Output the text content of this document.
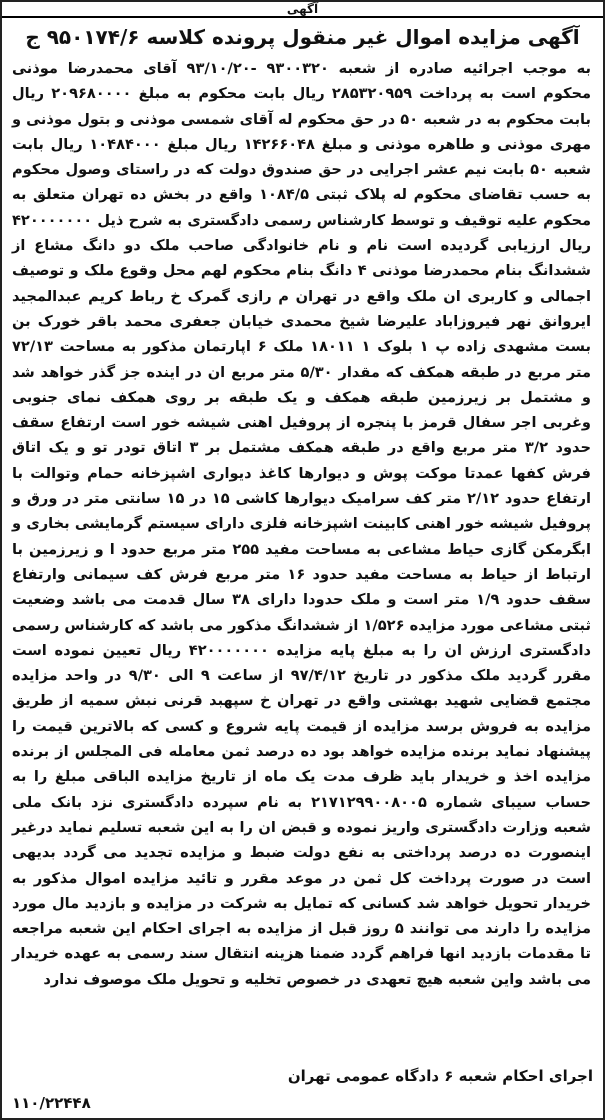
آگهی
آگهی مزایده اموال غیر منقول پرونده کلاسه ۹۵۰۱۷۴/۶ ج

به موجب اجرائیه صادره از شعبه ۹۳۰۰۳۲۰ -۹۳/۱۰/۲۰ آقای محمدرضا موذنی محکوم است به پرداخت ۲۸۵۳۲۰۹۵۹ ریال بابت محکوم به مبلغ ۲۰۹۶۸۰۰۰۰ ریال بابت محکوم به در شعبه ۵۰ در حق محکوم له آقای شمسی موذنی و بتول موذنی و مهری موذنی و طاهره موذنی و مبلغ ۱۴۲۶۶۰۴۸ ریال مبلغ ۱۰۴۸۴۰۰۰ ریال بابت شعبه ۵۰ بابت نیم عشر اجرایی در حق صندوق دولت که در راستای وصول محکوم به حسب تقاضای محکوم له پلاک ثبتی ۱۰۸۴/۵ واقع در بخش ده تهران متعلق به محکوم علیه توقیف و توسط کارشناس رسمی دادگستری به شرح ذیل ۴۲۰۰۰۰۰۰۰ ریال ارزیابی گردیده است نام و نام خانوادگی صاحب ملک دو دانگ مشاع از ششدانگ بنام محمدرضا موذنی ۴ دانگ بنام محکوم لهم محل وقوع ملک و توصیف اجمالی و کاربری ان ملک واقع در تهران م رازی گمرک خ رباط کریم عبدالمجید ایروانق نهر فیروزاباد علیرضا شیخ محمدی خیابان جعفری محمد باقر خورک بن بست مشهدی زاده پ ۱ بلوک ۱ ۱۸۰۱۱ ملک ۶ اپارتمان مذکور به مساحت ۷۲/۱۳ متر مربع در طبقه همکف که مقدار ۵/۳۰ متر مربع ان در اینده جز گذر خواهد شد و مشتمل بر زیرزمین طبقه همکف و یک طبقه بر روی همکف نمای جنوبی وغربی اجر سفال قرمز با پنجره از پروفیل اهنی شیشه خور است ارتفاع سقف حدود ۳/۲ متر مربع واقع در طبقه همکف مشتمل بر ۳ اتاق تودر تو و یک اتاق فرش کفها عمدتا موکت پوش و دیوارها کاغذ دیواری اشپزخانه حمام وتوالت با ارتفاع حدود ۲/۱۲ متر کف سرامیک دیوارها کاشی ۱۵ در ۱۵ سانتی متر در ورق و پروفیل شیشه خور اهنی کابینت اشپزخانه فلزی دارای سیستم گرمایشی بخاری و ابگرمکن گازی حیاط مشاعی به مساحت مفید ۲۵۵ متر مربع حدود ا و زیرزمین با ارتباط از حیاط به مساحت مفید حدود ۱۶ متر مربع فرش کف سیمانی وارتفاع سقف حدود ۱/۹ متر است و ملک حدودا دارای ۳۸ سال قدمت می باشد وضعیت ثبتی مشاعی مورد مزایده ۱/۵۲۶ از ششدانگ مذکور می باشد که کارشناس رسمی دادگستری ارزش ان را به مبلغ پایه مزایده ۴۲۰۰۰۰۰۰۰ ریال تعیین نموده است مقرر گردید ملک مذکور در تاریخ ۹۷/۴/۱۲ از ساعت ۹ الی ۹/۳۰ در واحد مزایده مجتمع قضایی شهید بهشتی واقع در تهران خ سپهبد قرنی نبش سمیه از طریق مزایده به فروش برسد مزایده از قیمت پایه شروع و کسی که بالاترین قیمت را پیشنهاد نماید برنده مزایده خواهد بود ده درصد ثمن معامله فی المجلس از برنده مزایده اخذ و خریدار باید ظرف مدت یک ماه از تاریخ مزایده الباقی مبلغ را به حساب سیبای شماره ۲۱۷۱۲۹۹۰۰۸۰۰۵ به نام سپرده دادگستری نزد بانک ملی شعبه وزارت دادگستری واریز نموده و قبض ان را به این شعبه تسلیم نماید درغیر اینصورت ده درصد پرداختی به نفع دولت ضبط و مزایده تجدید می گردد بدیهی است در صورت پرداخت کل ثمن در موعد مقرر و تائید مزایده اموال مذکور به خریدار تحویل خواهد شد کسانی که تمایل به شرکت در مزایده و بازدید مال مورد مزایده را دارند می توانند ۵ روز قبل از مزایده به اجرای احکام این شعبه مراجعه تا مقدمات بازدید انها فراهم گردد ضمنا هزینه انتقال سند رسمی به عهده خریدار می باشد واین شعبه هیچ تعهدی در خصوص تخلیه و تحویل ملک موصوف ندارد

اجرای احکام شعبه ۶ دادگاه عمومی تهران
۱۱۰/۲۲۴۴۸
